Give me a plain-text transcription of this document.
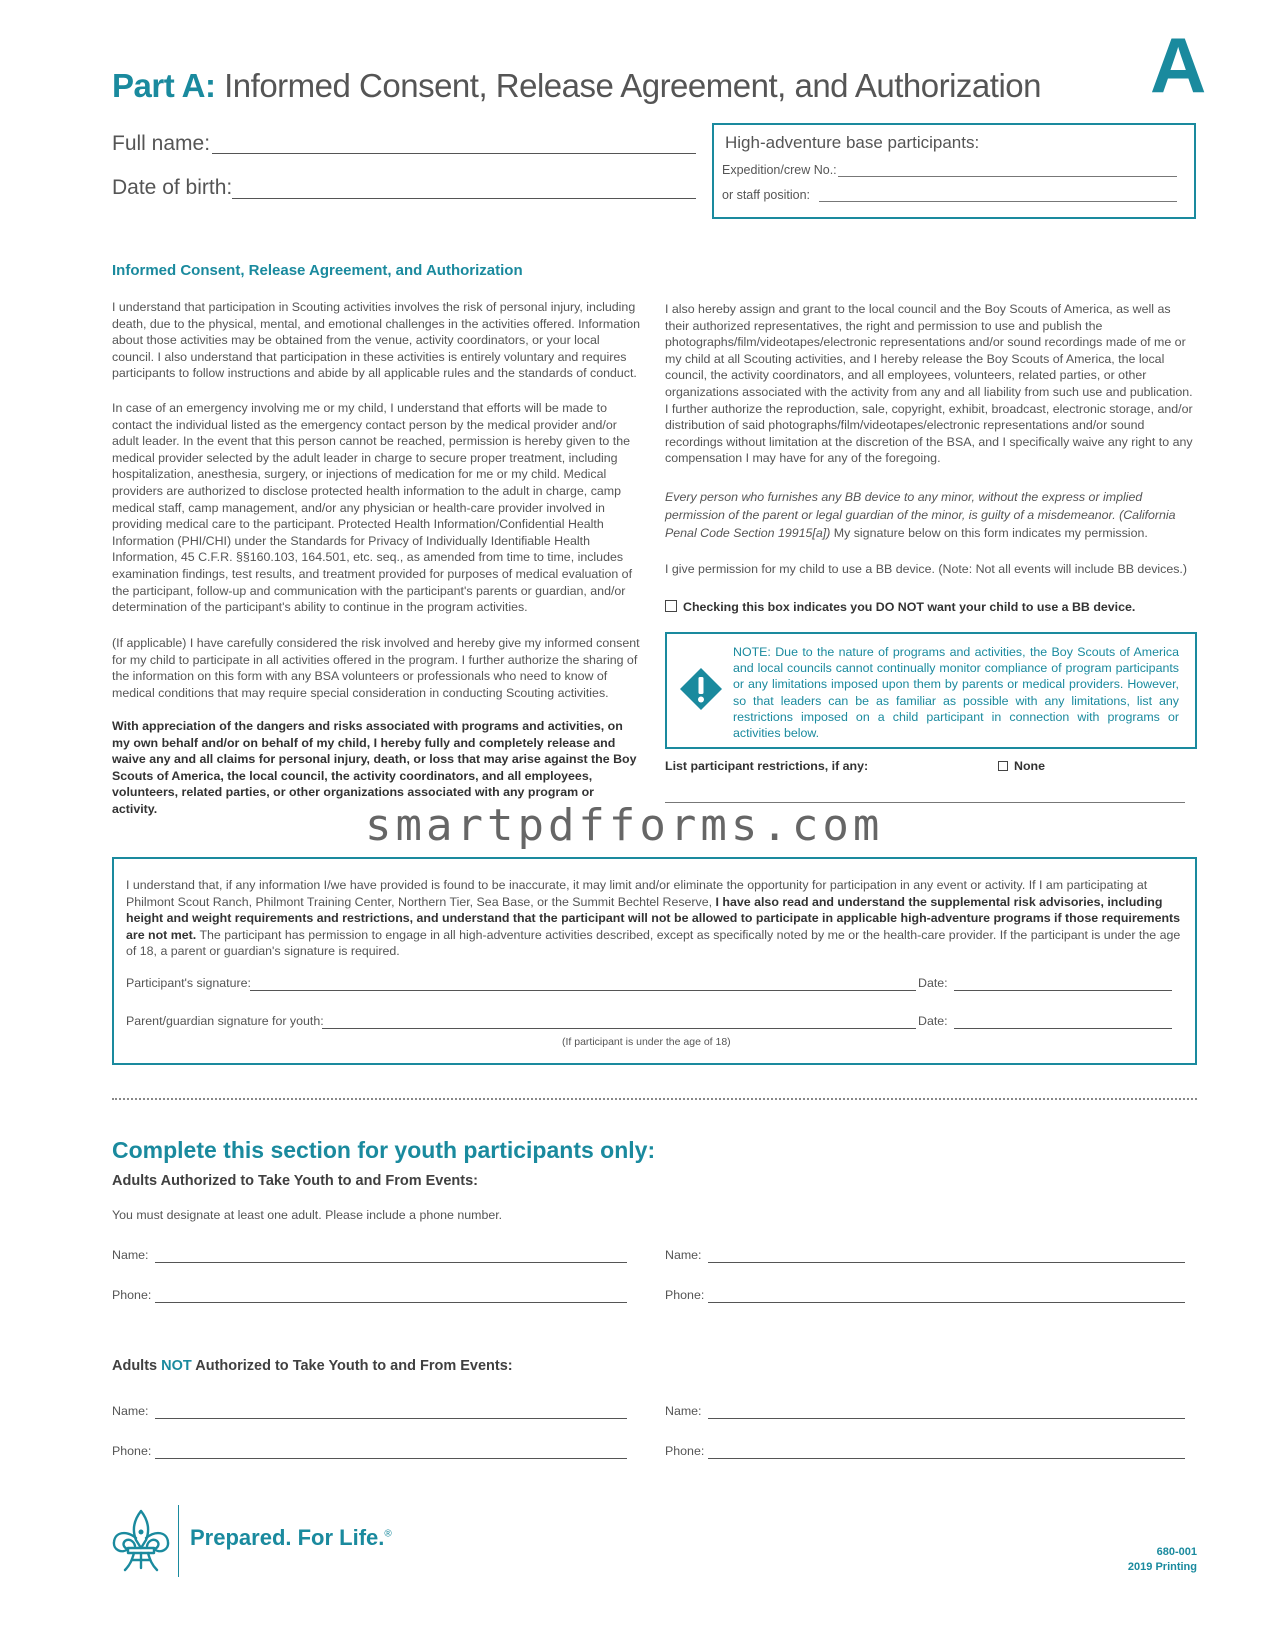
Part A: Informed Consent, Release Agreement, and Authorization A
Full name:
Date of birth:
High-adventure base participants:
Expedition/crew No.:
or staff position:
Informed Consent, Release Agreement, and Authorization
I understand that participation in Scouting activities involves the risk of personal injury, including death, due to the physical, mental, and emotional challenges in the activities offered. Information about those activities may be obtained from the venue, activity coordinators, or your local council. I also understand that participation in these activities is entirely voluntary and requires participants to follow instructions and abide by all applicable rules and the standards of conduct.
In case of an emergency involving me or my child, I understand that efforts will be made to contact the individual listed as the emergency contact person by the medical provider and/or adult leader. In the event that this person cannot be reached, permission is hereby given to the medical provider selected by the adult leader in charge to secure proper treatment, including hospitalization, anesthesia, surgery, or injections of medication for me or my child. Medical providers are authorized to disclose protected health information to the adult in charge, camp medical staff, camp management, and/or any physician or health-care provider involved in providing medical care to the participant. Protected Health Information/Confidential Health Information (PHI/CHI) under the Standards for Privacy of Individually Identifiable Health Information, 45 C.F.R. §§160.103, 164.501, etc. seq., as amended from time to time, includes examination findings, test results, and treatment provided for purposes of medical evaluation of the participant, follow-up and communication with the participant's parents or guardian, and/or determination of the participant's ability to continue in the program activities.
(If applicable) I have carefully considered the risk involved and hereby give my informed consent for my child to participate in all activities offered in the program. I further authorize the sharing of the information on this form with any BSA volunteers or professionals who need to know of medical conditions that may require special consideration in conducting Scouting activities.
With appreciation of the dangers and risks associated with programs and activities, on my own behalf and/or on behalf of my child, I hereby fully and completely release and waive any and all claims for personal injury, death, or loss that may arise against the Boy Scouts of America, the local council, the activity coordinators, and all employees, volunteers, related parties, or other organizations associated with any program or activity.
I also hereby assign and grant to the local council and the Boy Scouts of America, as well as their authorized representatives, the right and permission to use and publish the photographs/film/videotapes/electronic representations and/or sound recordings made of me or my child at all Scouting activities, and I hereby release the Boy Scouts of America, the local council, the activity coordinators, and all employees, volunteers, related parties, or other organizations associated with the activity from any and all liability from such use and publication. I further authorize the reproduction, sale, copyright, exhibit, broadcast, electronic storage, and/or distribution of said photographs/film/videotapes/electronic representations and/or sound recordings without limitation at the discretion of the BSA, and I specifically waive any right to any compensation I may have for any of the foregoing.
Every person who furnishes any BB device to any minor, without the express or implied permission of the parent or legal guardian of the minor, is guilty of a misdemeanor. (California Penal Code Section 19915[a]) My signature below on this form indicates my permission.
I give permission for my child to use a BB device. (Note: Not all events will include BB devices.)
Checking this box indicates you DO NOT want your child to use a BB device.
NOTE: Due to the nature of programs and activities, the Boy Scouts of America and local councils cannot continually monitor compliance of program participants or any limitations imposed upon them by parents or medical providers. However, so that leaders can be as familiar as possible with any limitations, list any restrictions imposed on a child participant in connection with programs or activities below.
List participant restrictions, if any:	None
smartpdfforms.com
I understand that, if any information I/we have provided is found to be inaccurate, it may limit and/or eliminate the opportunity for participation in any event or activity. If I am participating at Philmont Scout Ranch, Philmont Training Center, Northern Tier, Sea Base, or the Summit Bechtel Reserve, I have also read and understand the supplemental risk advisories, including height and weight requirements and restrictions, and understand that the participant will not be allowed to participate in applicable high-adventure programs if those requirements are not met. The participant has permission to engage in all high-adventure activities described, except as specifically noted by me or the health-care provider. If the participant is under the age of 18, a parent or guardian's signature is required.
Participant's signature:	Date:
Parent/guardian signature for youth:	Date:
(If participant is under the age of 18)
Complete this section for youth participants only:
Adults Authorized to Take Youth to and From Events:
You must designate at least one adult. Please include a phone number.
Name:	Name:
Phone:	Phone:
Adults NOT Authorized to Take Youth to and From Events:
Name:	Name:
Phone:	Phone:
Prepared. For Life.®
680-001
2019 Printing
